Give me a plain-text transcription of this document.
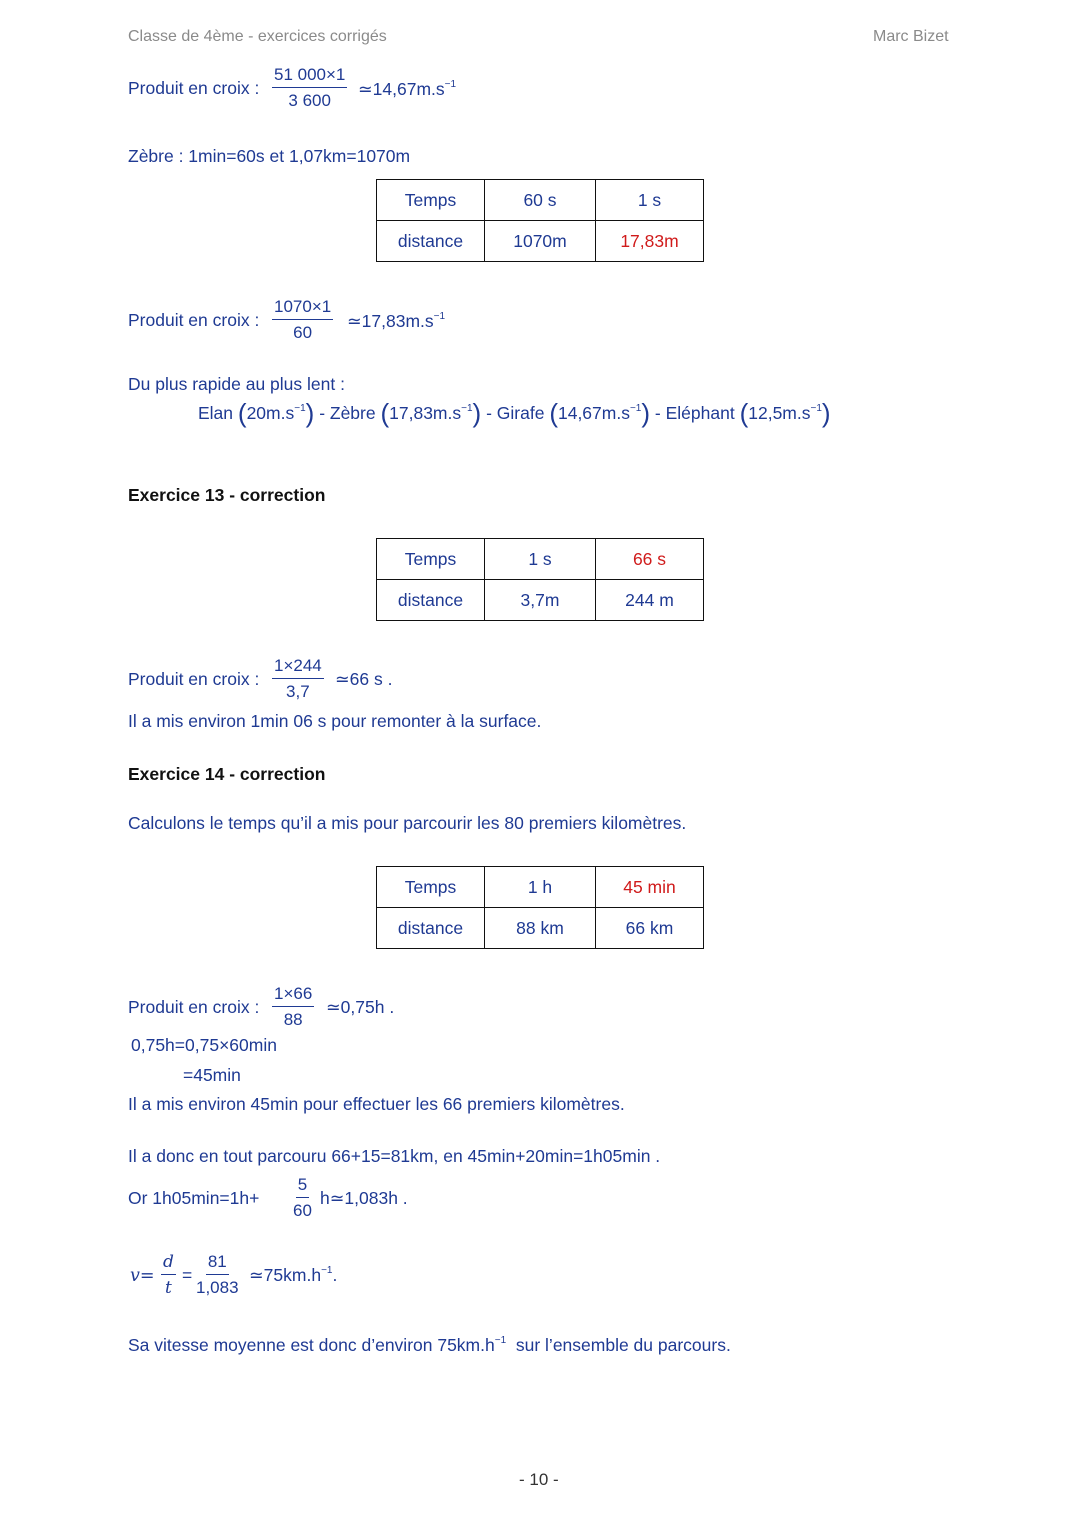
Classe de 4ème - exercices corrigés	Marc Bizet
Produit en croix : $\frac{51 000\times 1}{3 600}$ $≃14,67m.s^{-1}$
Zèbre : 1min=60s et 1,07km=1070m
Temps	60 s	1 s
distance	1070m	17,83m
Produit en croix : $\frac{1070\times 1}{60}$ $≃17,83m.s^{-1}$
Du plus rapide au plus lent :
Elan $(20m.s^{-1})$ - Zèbre $(17,83m.s^{-1})$ - Girafe $(14,67m.s^{-1})$ - Eléphant $(12,5m.s^{-1})$
Exercice 13 - correction
Temps	1 s	66 s
distance	3,7m	244 m
Produit en croix : $\frac{1\times 244}{3,7}$ ≃66 s .
Il a mis environ 1min 06 s pour remonter à la surface.
Exercice 14 - correction
Calculons le temps qu’il a mis pour parcourir les 80 premiers kilomètres.
Temps	1 h	45 min
distance	88 km	66 km
Produit en croix : $\frac{1\times 66}{88}$ ≃0,75h .
0,75h=0,75×60min
=45min
Il a mis environ 45min pour effectuer les 66 premiers kilomètres.
Il a donc en tout parcouru 66+15=81km, en 45min+20min=1h05min .
Or $1h05\min=1h+ \frac{5}{60}$ h≃1,083h .
$v= \frac{d}{t} = \frac{81}{1,083}$ $≃75km.h^{-1}$.
Sa vitesse moyenne est donc d’environ $75km.h^{-1}$  sur l’ensemble du parcours.
- 10 -
